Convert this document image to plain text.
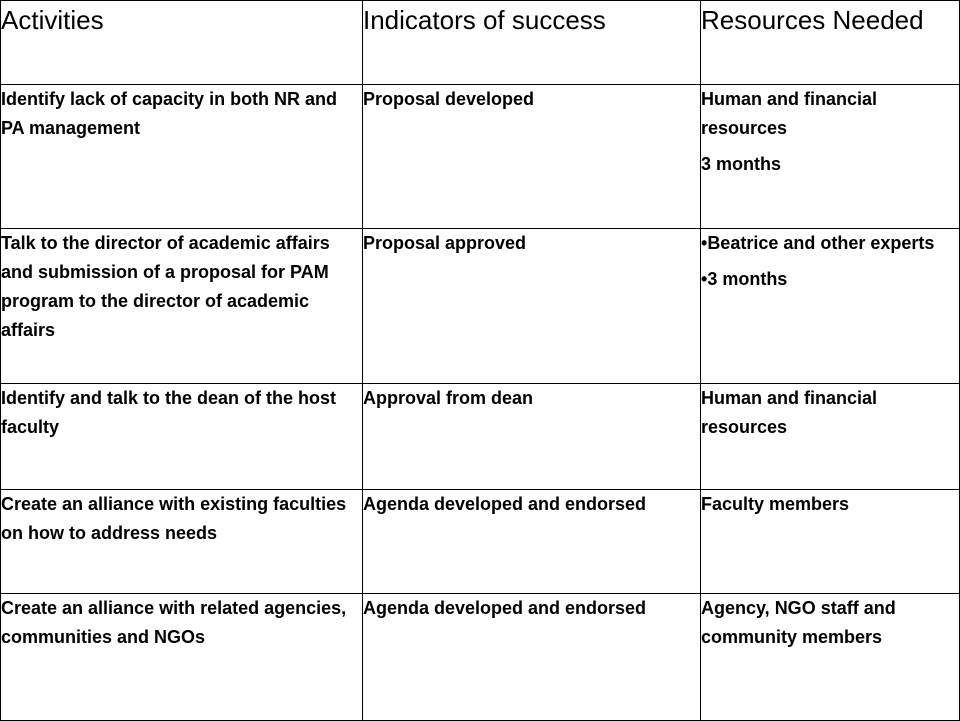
Activities	Indicators of success	Resources Needed
Identify lack of capacity in both NR and PA management	Proposal developed	Human and financial resources
3 months

Talk to the director of academic affairs and submission of a proposal for PAM program to the director of academic affairs	Proposal approved	• Beatrice and other experts
• 3 months

Identify and talk to the dean of the host faculty	Approval from dean	Human and financial resources

Create an alliance with existing faculties on how to address needs	Agenda developed and endorsed	Faculty members

Create an alliance with related agencies, communities and NGOs	Agenda developed and endorsed	Agency, NGO staff and community members
